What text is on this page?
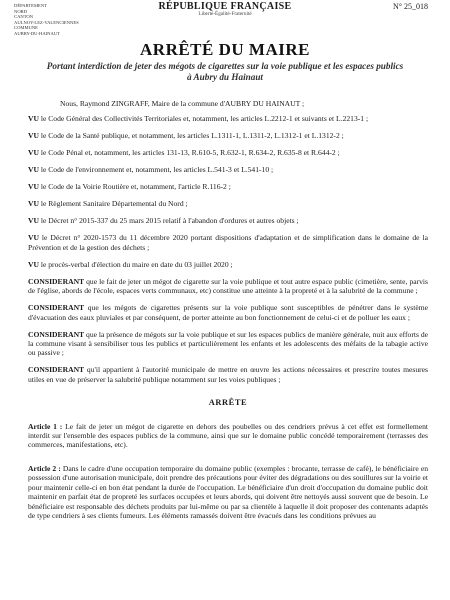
DÉPARTEMENT
NORD
CANTON
AULNOY-LEZ-VALENCIENNES
COMMUNE
AUBRY-DU-HAINAUT
RÉPUBLIQUE FRANÇAISE
Liberté-Égalité-Fraternité
N° 25_018
ARRÊTÉ DU MAIRE
Portant interdiction de jeter des mégots de cigarettes sur la voie publique et les espaces publics à Aubry du Hainaut

Nous, Raymond ZINGRAFF, Maire de la commune d'AUBRY DU HAINAUT ;

VU le Code Général des Collectivités Territoriales et, notamment, les articles L.2212-1 et suivants et L.2213-1 ;

VU le Code de la Santé publique, et notamment, les articles L.1311-1, L.1311-2, L.1312-1 et L.1312-2 ;

VU le Code Pénal et, notamment, les articles 131-13, R.610-5, R.632-1, R.634-2, R.635-8 et R.644-2 ;

VU le Code de l'environnement et, notamment, les articles L.541-3 et L.541-10 ;

VU le Code de la Voirie Routière et, notamment, l'article R.116-2 ;

VU le Règlement Sanitaire Départemental du Nord ;

VU le Décret n° 2015-337 du 25 mars 2015 relatif à l'abandon d'ordures et autres objets ;

VU le Décret n° 2020-1573 du 11 décembre 2020 portant dispositions d'adaptation et de simplification dans le domaine de la Prévention et de la gestion des déchets ;

VU le procès-verbal d'élection du maire en date du 03 juillet 2020 ;

CONSIDERANT que le fait de jeter un mégot de cigarette sur la voie publique et tout autre espace public (cimetière, sente, parvis de l'église, abords de l'école, espaces verts communaux, etc) constitue une atteinte à la propreté et à la salubrité de la commune ;

CONSIDERANT que les mégots de cigarettes présents sur la voie publique sont susceptibles de pénétrer dans le système d'évacuation des eaux pluviales et par conséquent, de porter atteinte au bon fonctionnement de celui-ci et de polluer les eaux ;

CONSIDERANT que la présence de mégots sur la voie publique et sur les espaces publics de manière générale, nuit aux efforts de la commune visant à sensibiliser tous les publics et particulièrement les enfants et les adolescents des méfaits de la tabagie active ou passive ;

CONSIDERANT qu'il appartient à l'autorité municipale de mettre en œuvre les actions nécessaires et prescrire toutes mesures utiles en vue de préserver la salubrité publique notamment sur les voies publiques ;

ARRÊTE

Article 1 : Le fait de jeter un mégot de cigarette en dehors des poubelles ou des cendriers prévus à cet effet est formellement interdit sur l'ensemble des espaces publics de la commune, ainsi que sur le domaine public concédé temporairement (terrasses des commerces, manifestations, etc).

Article 2 : Dans le cadre d'une occupation temporaire du domaine public (exemples : brocante, terrasse de café), le bénéficiaire en possession d'une autorisation municipale, doit prendre des précautions pour éviter des dégradations ou des souillures sur la voirie et pour maintenir celle-ci en bon état pendant la durée de l'occupation. Le bénéficiaire d'un droit d'occupation du domaine public doit maintenir en parfait état de propreté les surfaces occupées et leurs abords, qui doivent être nettoyés aussi souvent que de besoin. Le bénéficiaire est responsable des déchets produits par lui-même ou par sa clientèle à laquelle il doit proposer des contenants adaptés de type cendriers à ses clients fumeurs. Les éléments ramassés doivent être évacués dans les conditions prévues au
